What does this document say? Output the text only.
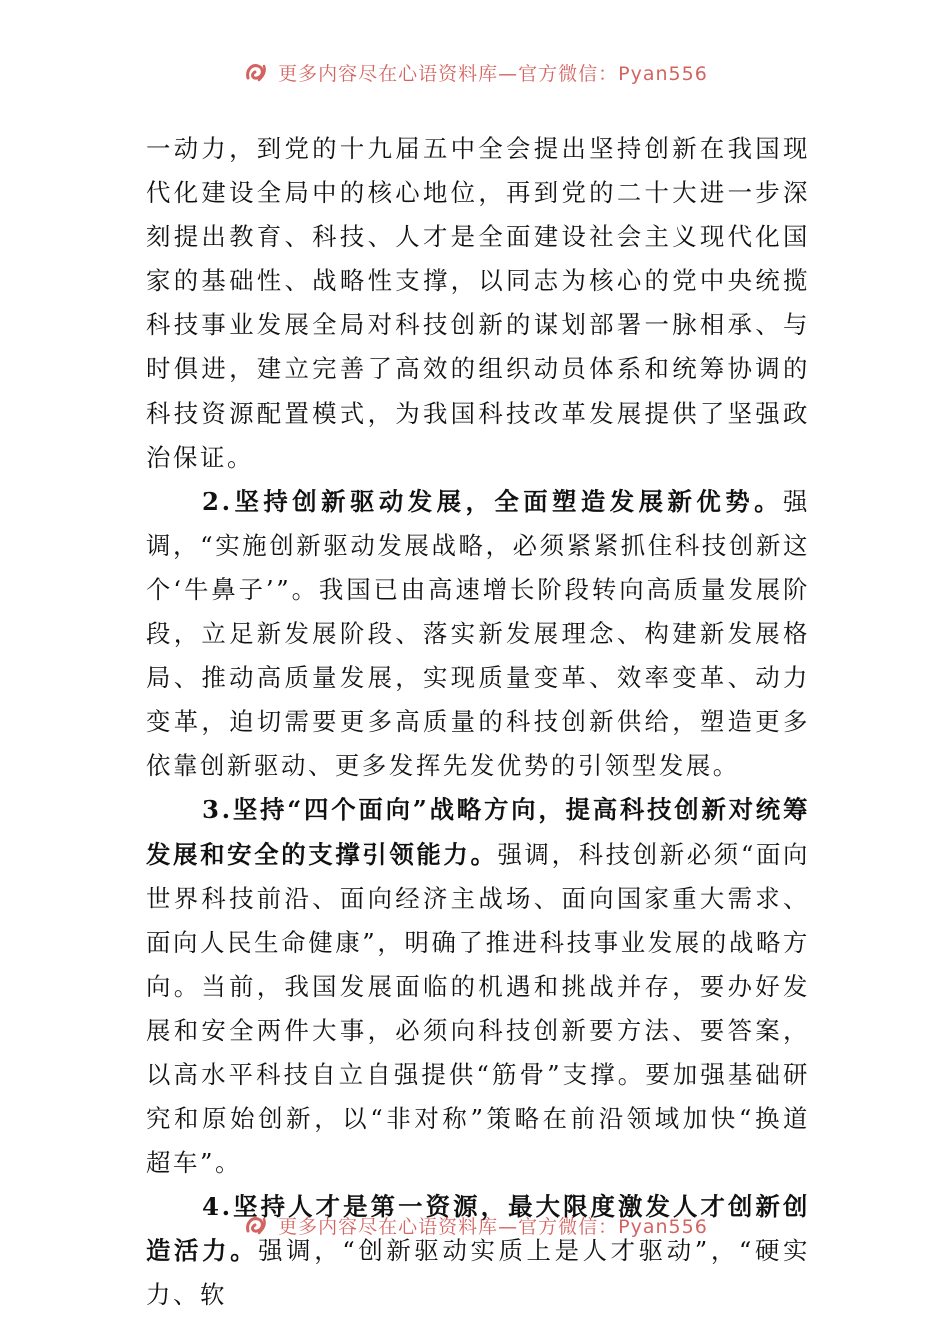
更多内容尽在心语资料库—官方微信：Pyan556

一动力，到党的十九届五中全会提出坚持创新在我国现代化建设全局中的核心地位，再到党的二十大进一步深刻提出教育、科技、人才是全面建设社会主义现代化国家的基础性、战略性支撑，以同志为核心的党中央统揽科技事业发展全局对科技创新的谋划部署一脉相承、与时俱进，建立完善了高效的组织动员体系和统筹协调的科技资源配置模式，为我国科技改革发展提供了坚强政治保证。

2.坚持创新驱动发展，全面塑造发展新优势。强调，“实施创新驱动发展战略，必须紧紧抓住科技创新这个‘牛鼻子’”。我国已由高速增长阶段转向高质量发展阶段，立足新发展阶段、落实新发展理念、构建新发展格局、推动高质量发展，实现质量变革、效率变革、动力变革，迫切需要更多高质量的科技创新供给，塑造更多依靠创新驱动、更多发挥先发优势的引领型发展。

3.坚持“四个面向”战略方向，提高科技创新对统筹发展和安全的支撑引领能力。强调，科技创新必须“面向世界科技前沿、面向经济主战场、面向国家重大需求、面向人民生命健康”，明确了推进科技事业发展的战略方向。当前，我国发展面临的机遇和挑战并存，要办好发展和安全两件大事，必须向科技创新要方法、要答案，以高水平科技自立自强提供“筋骨”支撑。要加强基础研究和原始创新，以“非对称”策略在前沿领域加快“换道超车”。

4.坚持人才是第一资源，最大限度激发人才创新创造活力。强调，“创新驱动实质上是人才驱动”，“硬实力、软

更多内容尽在心语资料库—官方微信：Pyan556
